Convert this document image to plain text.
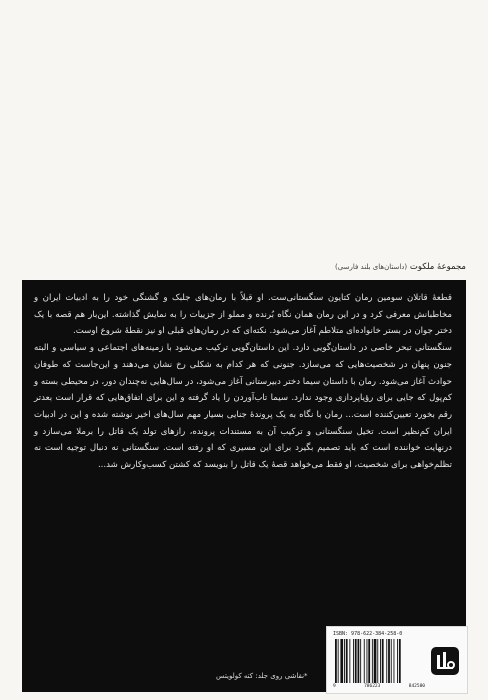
مجموعهٔ ملکوت (داستان‌های بلند فارسی)

قطعهٔ قاتلان سومین رمان کتایون سنگستانی‌ست. او قبلاً با رمان‌های جلبک و گشنگی خود را به ادبیات ایران و مخاطبانش معرفی کرد و در این رمان همان نگاه بُرنده و مملو از جزییات را به نمایش گذاشته. این‌بار هم قصه با یک دختر جوان در بستر خانواده‌ای متلاطم آغاز می‌شود. نکته‌ای که در رمان‌های قبلی او نیز نقطهٔ شروع اوست.

سنگستانی تبحر خاصی در داستان‌گویی دارد. این داستان‌گویی ترکیب می‌شود با زمینه‌های اجتماعی و سیاسی و البته جنون پنهان در شخصیت‌هایی که می‌سازد. جنونی که هر کدام به شکلی رخ نشان می‌دهند و این‌جاست که طوفان حوادث آغاز می‌شود. رمان با داستان سیما دختر دبیرستانی آغاز می‌شود، در سال‌هایی نه‌چندان دور، در محیطی بسته و کم‌پول که جایی برای رؤیاپردازی وجود ندارد. سیما تاب‌آوردن را یاد گرفته و این برای اتفاق‌هایی که قرار است بعدتر رقم بخورد تعیین‌کننده است... رمان با نگاه به یک پروندهٔ جنایی بسیار مهم سال‌های اخیر نوشته شده و این در ادبیات ایران کم‌نظیر است. تخیل سنگستانی و ترکیب آن به مستندات پرونده، رازهای تولد یک قاتل را برملا می‌سازد و درنهایت خواننده است که باید تصمیم بگیرد برای این مسیری که او رفته است. سنگستانی نه دنبال توجیه است نه تظلم‌خواهی برای شخصیت، او فقط می‌خواهد قصهٔ یک قاتل را بنویسد که کشتن کسب‌وکارش شد...

*نقاشی روی جلد: کته کولویتس
ISBN: 978-622-384-258-0
9	786223	842580
